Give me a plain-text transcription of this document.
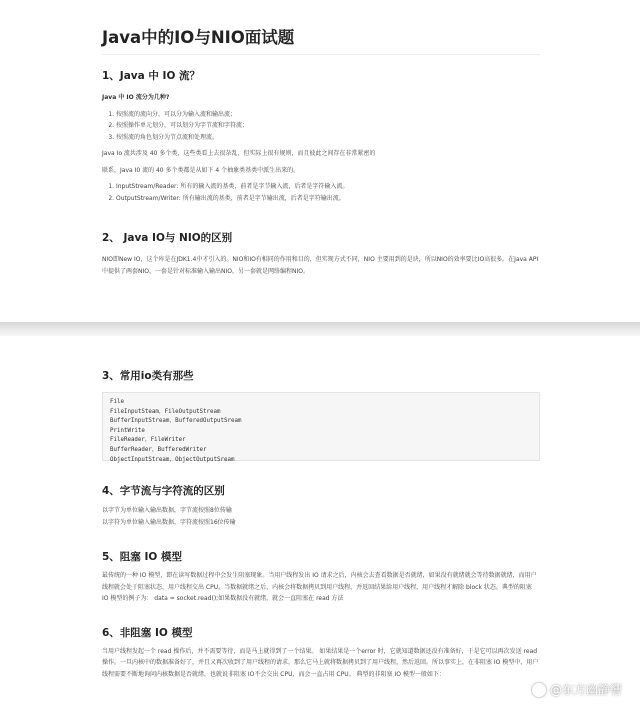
Java中的IO与NIO面试题
1、Java 中 IO 流？

Java 中 IO 流分为几种?

1. 按照流的流向分，可以分为输入流和输出流；
2. 按照操作单元划分，可以划分为字节流和字符流；
3. 按照流的角色划分为节点流和处理流。

Java Io 流共涉及 40 多个类，这些类看上去很杂乱，但实际上很有规则，而且彼此之间存在非常紧密的

联系，Java I0 流的 40 多个类都是从如下 4 个抽象类基类中派生出来的。

1. InputStream/Reader: 所有的输入流的基类，前者是字节输入流，后者是字符输入流。
2. OutputStream/Writer: 所有输出流的基类，前者是字节输出流，后者是字符输出流。
2、 Java IO与 NIO的区别

NIO即New IO，这个库是在JDK1.4中才引入的。NIO和IO有相同的作用和目的，但实现方式不同，NIO 主要用到的是块，所以NIO的效率要比IO高很多。在Java API中提供了两套NIO，一套是针对标准输入输出NIO，另一套就是网络编程NIO。

3、常用io类有那些
File
FileInputSteam，FileOutputStream
BufferInputStream，BufferedOutputSream
PrintWrite
FileReader，FileWriter
BufferReader，BufferedWriter
ObjectInputStream，ObjectOutputSream
4、字节流与字符流的区别

以字节为单位输入输出数据，字节流按照8位传输

以字符为单位输入输出数据，字符流按照16位传输

5、阻塞 IO 模型

最传统的一种 IO 模型，即在读写数据过程中会发生阻塞现象。当用户线程发出 IO 请求之后，内核会去查看数据是否就绪，如果没有就绪就会等待数据就绪，而用户线程就会处于阻塞状态，用户线程交出 CPU。当数据就绪之后，内核会将数据拷贝到用户线程，并返回结果给用户线程，用户线程才解除 block 状态。典型的阻塞 IO 模型的例子为： data = socket.read();如果数据没有就绪，就会一直阻塞在 read 方法

6、非阻塞 IO 模型

当用户线程发起一个 read 操作后，并不需要等待，而是马上就得到了一个结果。 如果结果是一个error 时，它就知道数据还没有准备好，于是它可以再次发送 read 操作。一旦内核中的数据准备好了，并且又再次收到了用户线程的请求，那么它马上就将数据拷贝到了用户线程，然后返回。所以事实上，在非阻塞 IO 模型中，用户线程需要不断地询问内核数据是否就绪，也就说非阻塞 IO不会交出 CPU，而会一直占用 CPU。 典型的非阻塞 IO 模型一般如下：

@东方幽静響
